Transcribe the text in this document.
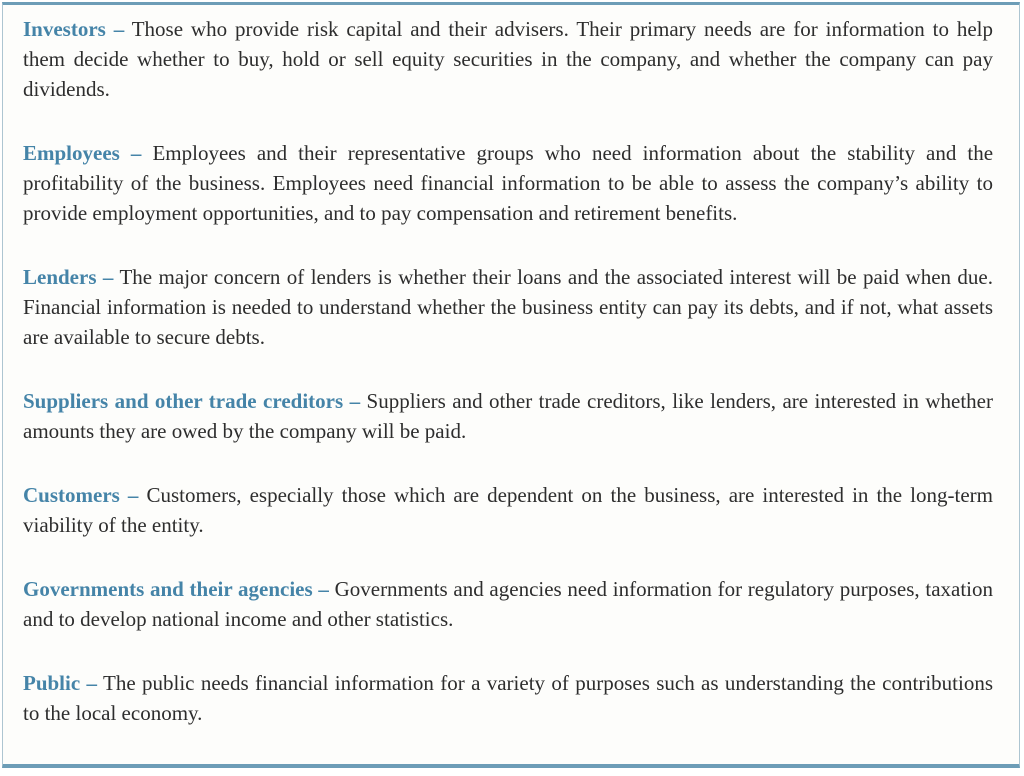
Investors – Those who provide risk capital and their advisers. Their primary needs are for information to help them decide whether to buy, hold or sell equity securities in the company, and whether the company can pay dividends.

Employees – Employees and their representative groups who need information about the stability and the profitability of the business. Employees need financial information to be able to assess the company’s ability to provide employment opportunities, and to pay compensation and retirement benefits.

Lenders – The major concern of lenders is whether their loans and the associated interest will be paid when due. Financial information is needed to understand whether the business entity can pay its debts, and if not, what assets are available to secure debts.

Suppliers and other trade creditors – Suppliers and other trade creditors, like lenders, are interested in whether amounts they are owed by the company will be paid.

Customers – Customers, especially those which are dependent on the business, are interested in the long-term viability of the entity.

Governments and their agencies – Governments and agencies need information for regulatory purposes, taxation and to develop national income and other statistics.

Public – The public needs financial information for a variety of purposes such as understanding the contributions to the local economy.
